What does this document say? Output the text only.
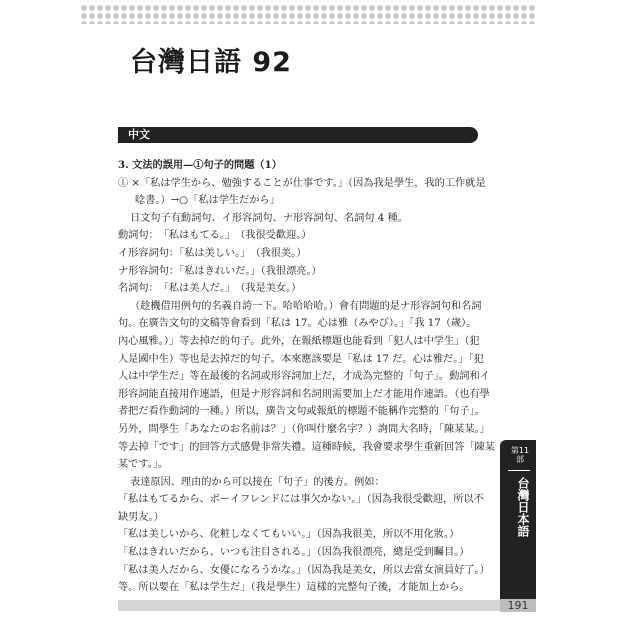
台灣日語 92
中文

3. 文法的誤用—①句子的問題（1）

① ×「私は学生から、勉強することが仕事です。」（因為我是學生，我的工作就是

唸書。）→○「私は学生だから」

日文句子有動詞句、イ形容詞句、ナ形容詞句、名詞句 4 種。

動詞句：　「私はもてる。」　（我很受歡迎。）

イ形容詞句：「私は美しい。」　（我很美。）

ナ形容詞句：「私はきれいだ。」（我很漂亮。）

名詞句：　「私は美人だ。」　（我是美女。）

（趁機借用例句的名義自誇一下。哈哈哈哈。）會有問題的是ナ形容詞句和名詞

句。在廣告文句的文稿等會看到「私は 17。心は雅（みやび）。」「我 17（歲）。

內心風雅。）」等去掉だ的句子。此外，在報紙標題也能看到「犯人は中学生」（犯

人是國中生）等也是去掉だ的句子。本來應該要是「私は 17 だ。心は雅だ。」「犯

人は中学生だ」等在最後的名詞或形容詞加上だ，才成為完整的「句子」。動詞和イ

形容詞能直接用作連語，但是ナ形容詞和名詞則需要加上だ才能用作連語。（也有學

者把だ看作動詞的一種。）所以，廣告文句或報紙的標題不能稱作完整的「句子」。

另外，問學生「あなたのお名前は？」（你叫什麼名字？）詢問大名時，「陳某某。」

等去掉「です」的回答方式感覺非常失禮。這種時候，我會要求學生重新回答「陳某

某です。」。

表達原因、理由的から可以接在「句子」的後方。例如：

「私はもてるから、ボーイフレンドには事欠かない。」（因為我很受歡迎，所以不

缺男友。）

「私は美しいから、化粧しなくてもいい。」（因為我很美，所以不用化妝。）

「私はきれいだから、いつも注目される。」（因為我很漂亮，總是受到矚目。）

「私は美人だから、女優になろうかな。」（因為我是美女，所以去當女演員好了。）

等。所以要在「私は学生だ」（我是學生）這樣的完整句子後，才能加上から。

第11部
台灣日本語
191
